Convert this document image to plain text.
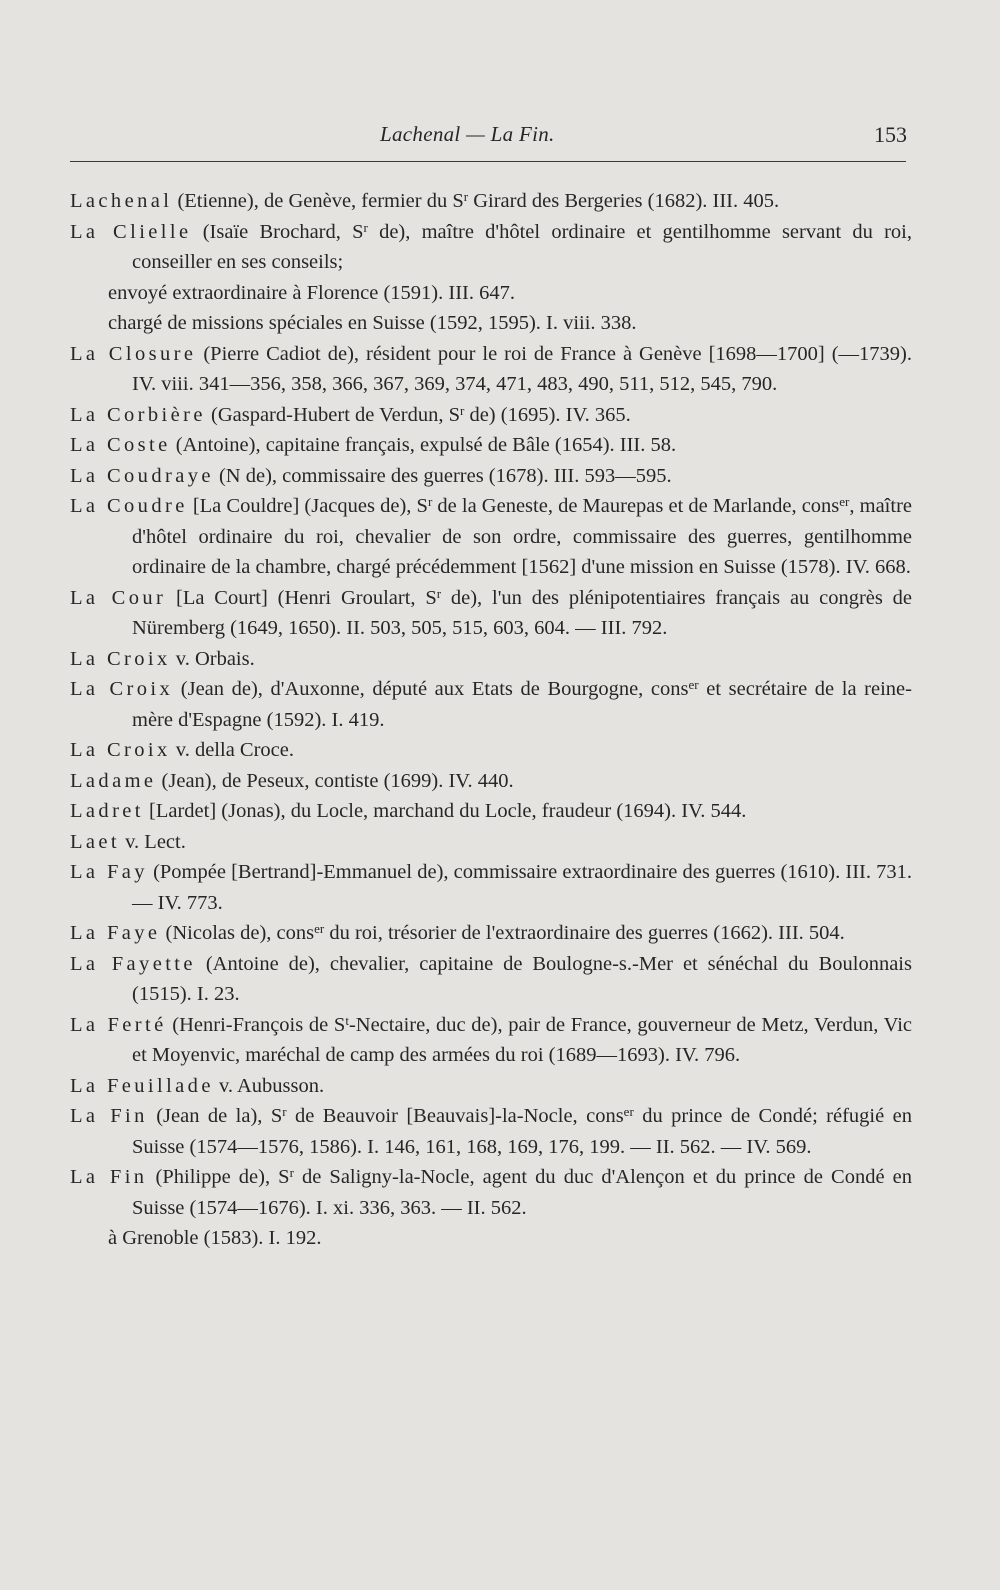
Lachenal — La Fin.	153

Lachenal (Etienne), de Genève, fermier du $S^r$ Girard des Bergeries (1682). III. 405.

La Clielle (Isaïe Brochard, $S^r$ de), maître d'hôtel ordinaire et gentilhomme servant du roi, conseiller en ses conseils;

envoyé extraordinaire à Florence (1591). III. 647.

chargé de missions spéciales en Suisse (1592, 1595). I. viii. 338.

La Closure (Pierre Cadiot de), résident pour le roi de France à Genève [1698—1700] (—1739). IV. viii. 341—356, 358, 366, 367, 369, 374, 471, 483, 490, 511, 512, 545, 790.

La Corbière (Gaspard-Hubert de Verdun, $S^r$ de) (1695). IV. 365.

La Coste (Antoine), capitaine français, expulsé de Bâle (1654). III. 58.

La Coudraye (N de), commissaire des guerres (1678). III. 593—595.

La Coudre [La Couldre] (Jacques de), $S^r$ de la Geneste, de Maurepas et de Marlande, cons$^{er}$, maître d'hôtel ordinaire du roi, chevalier de son ordre, commissaire des guerres, gentilhomme ordinaire de la chambre, chargé précédemment [1562] d'une mission en Suisse (1578). IV. 668.

La Cour [La Court] (Henri Groulart, $S^r$ de), l'un des plénipotentiaires français au congrès de Nüremberg (1649, 1650). II. 503, 505, 515, 603, 604. — III. 792.

La Croix v. Orbais.

La Croix (Jean de), d'Auxonne, député aux Etats de Bourgogne, cons$^{er}$ et secrétaire de la reine-mère d'Espagne (1592). I. 419.

La Croix v. della Croce.

Ladame (Jean), de Peseux, contiste (1699). IV. 440.

Ladret [Lardet] (Jonas), du Locle, marchand du Locle, fraudeur (1694). IV. 544.

Laet v. Lect.

La Fay (Pompée [Bertrand]-Emmanuel de), commissaire extraordinaire des guerres (1610). III. 731. — IV. 773.

La Faye (Nicolas de), cons$^{er}$ du roi, trésorier de l'extraordinaire des guerres (1662). III. 504.

La Fayette (Antoine de), chevalier, capitaine de Boulogne-s.-Mer et sénéchal du Boulonnais (1515). I. 23.

La Ferté (Henri-François de $S^t$-Nectaire, duc de), pair de France, gouverneur de Metz, Verdun, Vic et Moyenvic, maréchal de camp des armées du roi (1689—1693). IV. 796.

La Feuillade v. Aubusson.

La Fin (Jean de la), $S^r$ de Beauvoir [Beauvais]-la-Nocle, cons$^{er}$ du prince de Condé; réfugié en Suisse (1574—1576, 1586). I. 146, 161, 168, 169, 176, 199. — II. 562. — IV. 569.

La Fin (Philippe de), $S^r$ de Saligny-la-Nocle, agent du duc d'Alençon et du prince de Condé en Suisse (1574—1676). I. xi. 336, 363. — II. 562.

à Grenoble (1583). I. 192.
